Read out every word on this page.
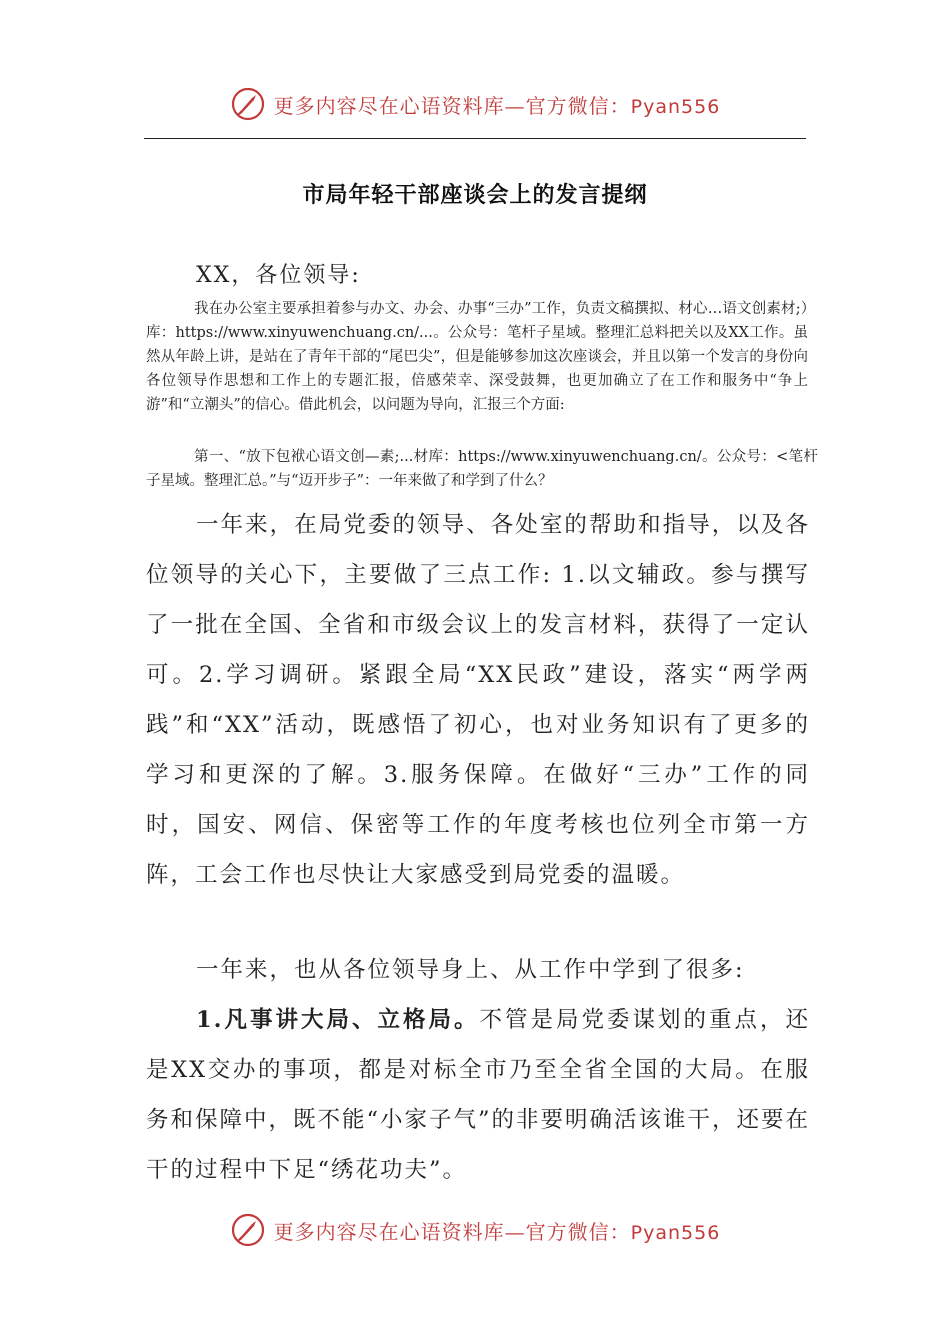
更多内容尽在心语资料库—官方微信：Pyan556
市局年轻干部座谈会上的发言提纲
XX，各位领导:
我在办公室主要承担着参与办文、办会、办事“三办”工作，负责文稿撰拟、材心…语文创素材;）库：https://www.xinyuwenchuang.cn/...。公众号：笔杆子星域。整理汇总料把关以及XX工作。虽然从年龄上讲，是站在了青年干部的“尾巴尖”，但是能够参加这次座谈会，并且以第一个发言的身份向各位领导作思想和工作上的专题汇报，倍感荣幸、深受鼓舞，也更加确立了在工作和服务中“争上游”和“立潮头”的信心。借此机会，以问题为导向，汇报三个方面:
第一、“放下包袱心语文创—素;...材库：https://www.xinyuwenchuang.cn/。公众号：<笔杆子星域。整理汇总。”与“迈开步子”：一年来做了和学到了什么？
一年来，在局党委的领导、各处室的帮助和指导，以及各位领导的关心下，主要做了三点工作: 1.以文辅政。参与撰写了一批在全国、全省和市级会议上的发言材料，获得了一定认可。2.学习调研。紧跟全局“XX民政”建设，落实“两学两践”和“XX”活动，既感悟了初心，也对业务知识有了更多的学习和更深的了解。3.服务保障。在做好“三办”工作的同时，国安、网信、保密等工作的年度考核也位列全市第一方阵，工会工作也尽快让大家感受到局党委的温暖。
一年来，也从各位领导身上、从工作中学到了很多:
1.凡事讲大局、立格局。不管是局党委谋划的重点，还是XX交办的事项，都是对标全市乃至全省全国的大局。在服务和保障中，既不能“小家子气”的非要明确活该谁干，还要在干的过程中下足“绣花功夫”。
更多内容尽在心语资料库—官方微信：Pyan556
